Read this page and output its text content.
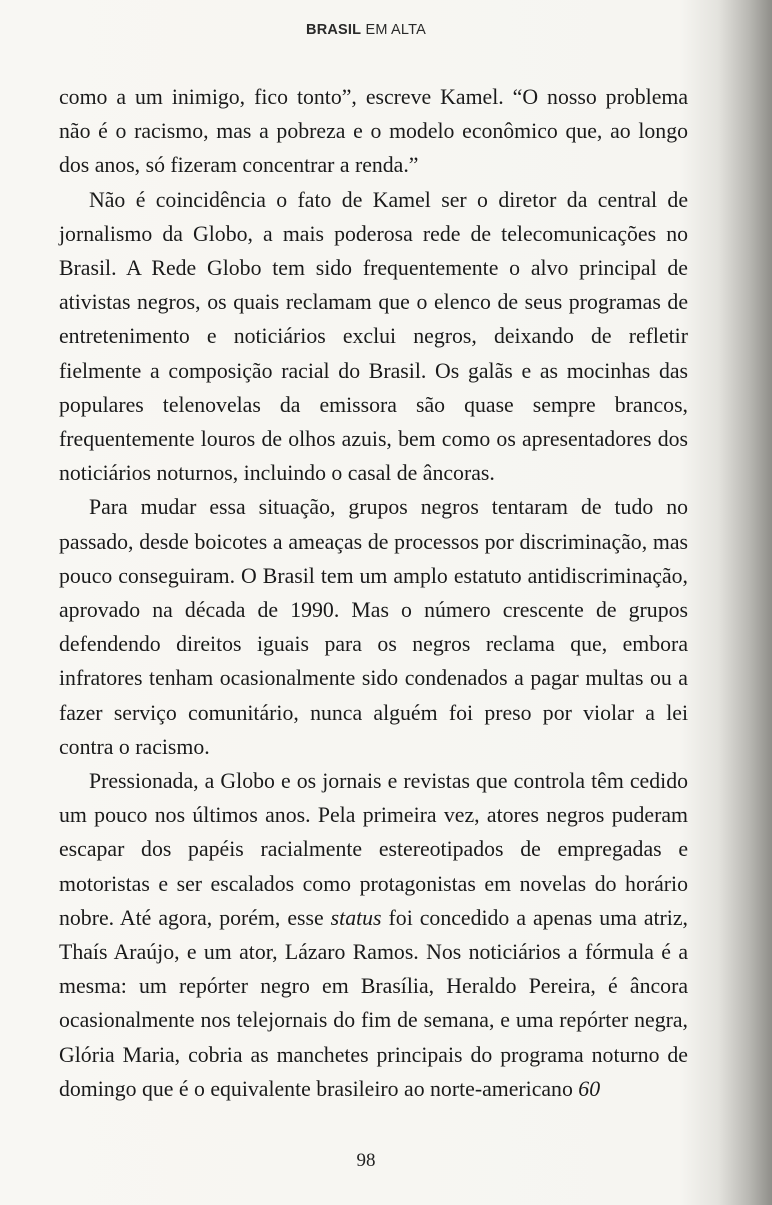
BRASIL EM ALTA

como a um inimigo, fico tonto”, escreve Kamel. “O nosso problema não é o racismo, mas a pobreza e o modelo econômico que, ao longo dos anos, só fizeram concentrar a renda.”

Não é coincidência o fato de Kamel ser o diretor da central de jornalismo da Globo, a mais poderosa rede de telecomunicações no Brasil. A Rede Globo tem sido frequentemente o alvo principal de ativistas negros, os quais reclamam que o elenco de seus programas de entretenimento e noticiários exclui negros, deixando de refletir fielmente a composição racial do Brasil. Os galãs e as mocinhas das populares telenovelas da emissora são quase sempre brancos, frequentemente louros de olhos azuis, bem como os apresentadores dos noticiários noturnos, incluindo o casal de âncoras.

Para mudar essa situação, grupos negros tentaram de tudo no passado, desde boicotes a ameaças de processos por discriminação, mas pouco conseguiram. O Brasil tem um amplo estatuto antidiscriminação, aprovado na década de 1990. Mas o número crescente de grupos defendendo direitos iguais para os negros reclama que, embora infratores tenham ocasionalmente sido condenados a pagar multas ou a fazer serviço comunitário, nunca alguém foi preso por violar a lei contra o racismo.

Pressionada, a Globo e os jornais e revistas que controla têm cedido um pouco nos últimos anos. Pela primeira vez, atores negros puderam escapar dos papéis racialmente estereotipados de empregadas e motoristas e ser escalados como protagonistas em novelas do horário nobre. Até agora, porém, esse status foi concedido a apenas uma atriz, Thaís Araújo, e um ator, Lázaro Ramos. Nos noticiários a fórmula é a mesma: um repórter negro em Brasília, Heraldo Pereira, é âncora ocasionalmente nos telejornais do fim de semana, e uma repórter negra, Glória Maria, cobria as manchetes principais do programa noturno de domingo que é o equivalente brasileiro ao norte-americano 60

98
